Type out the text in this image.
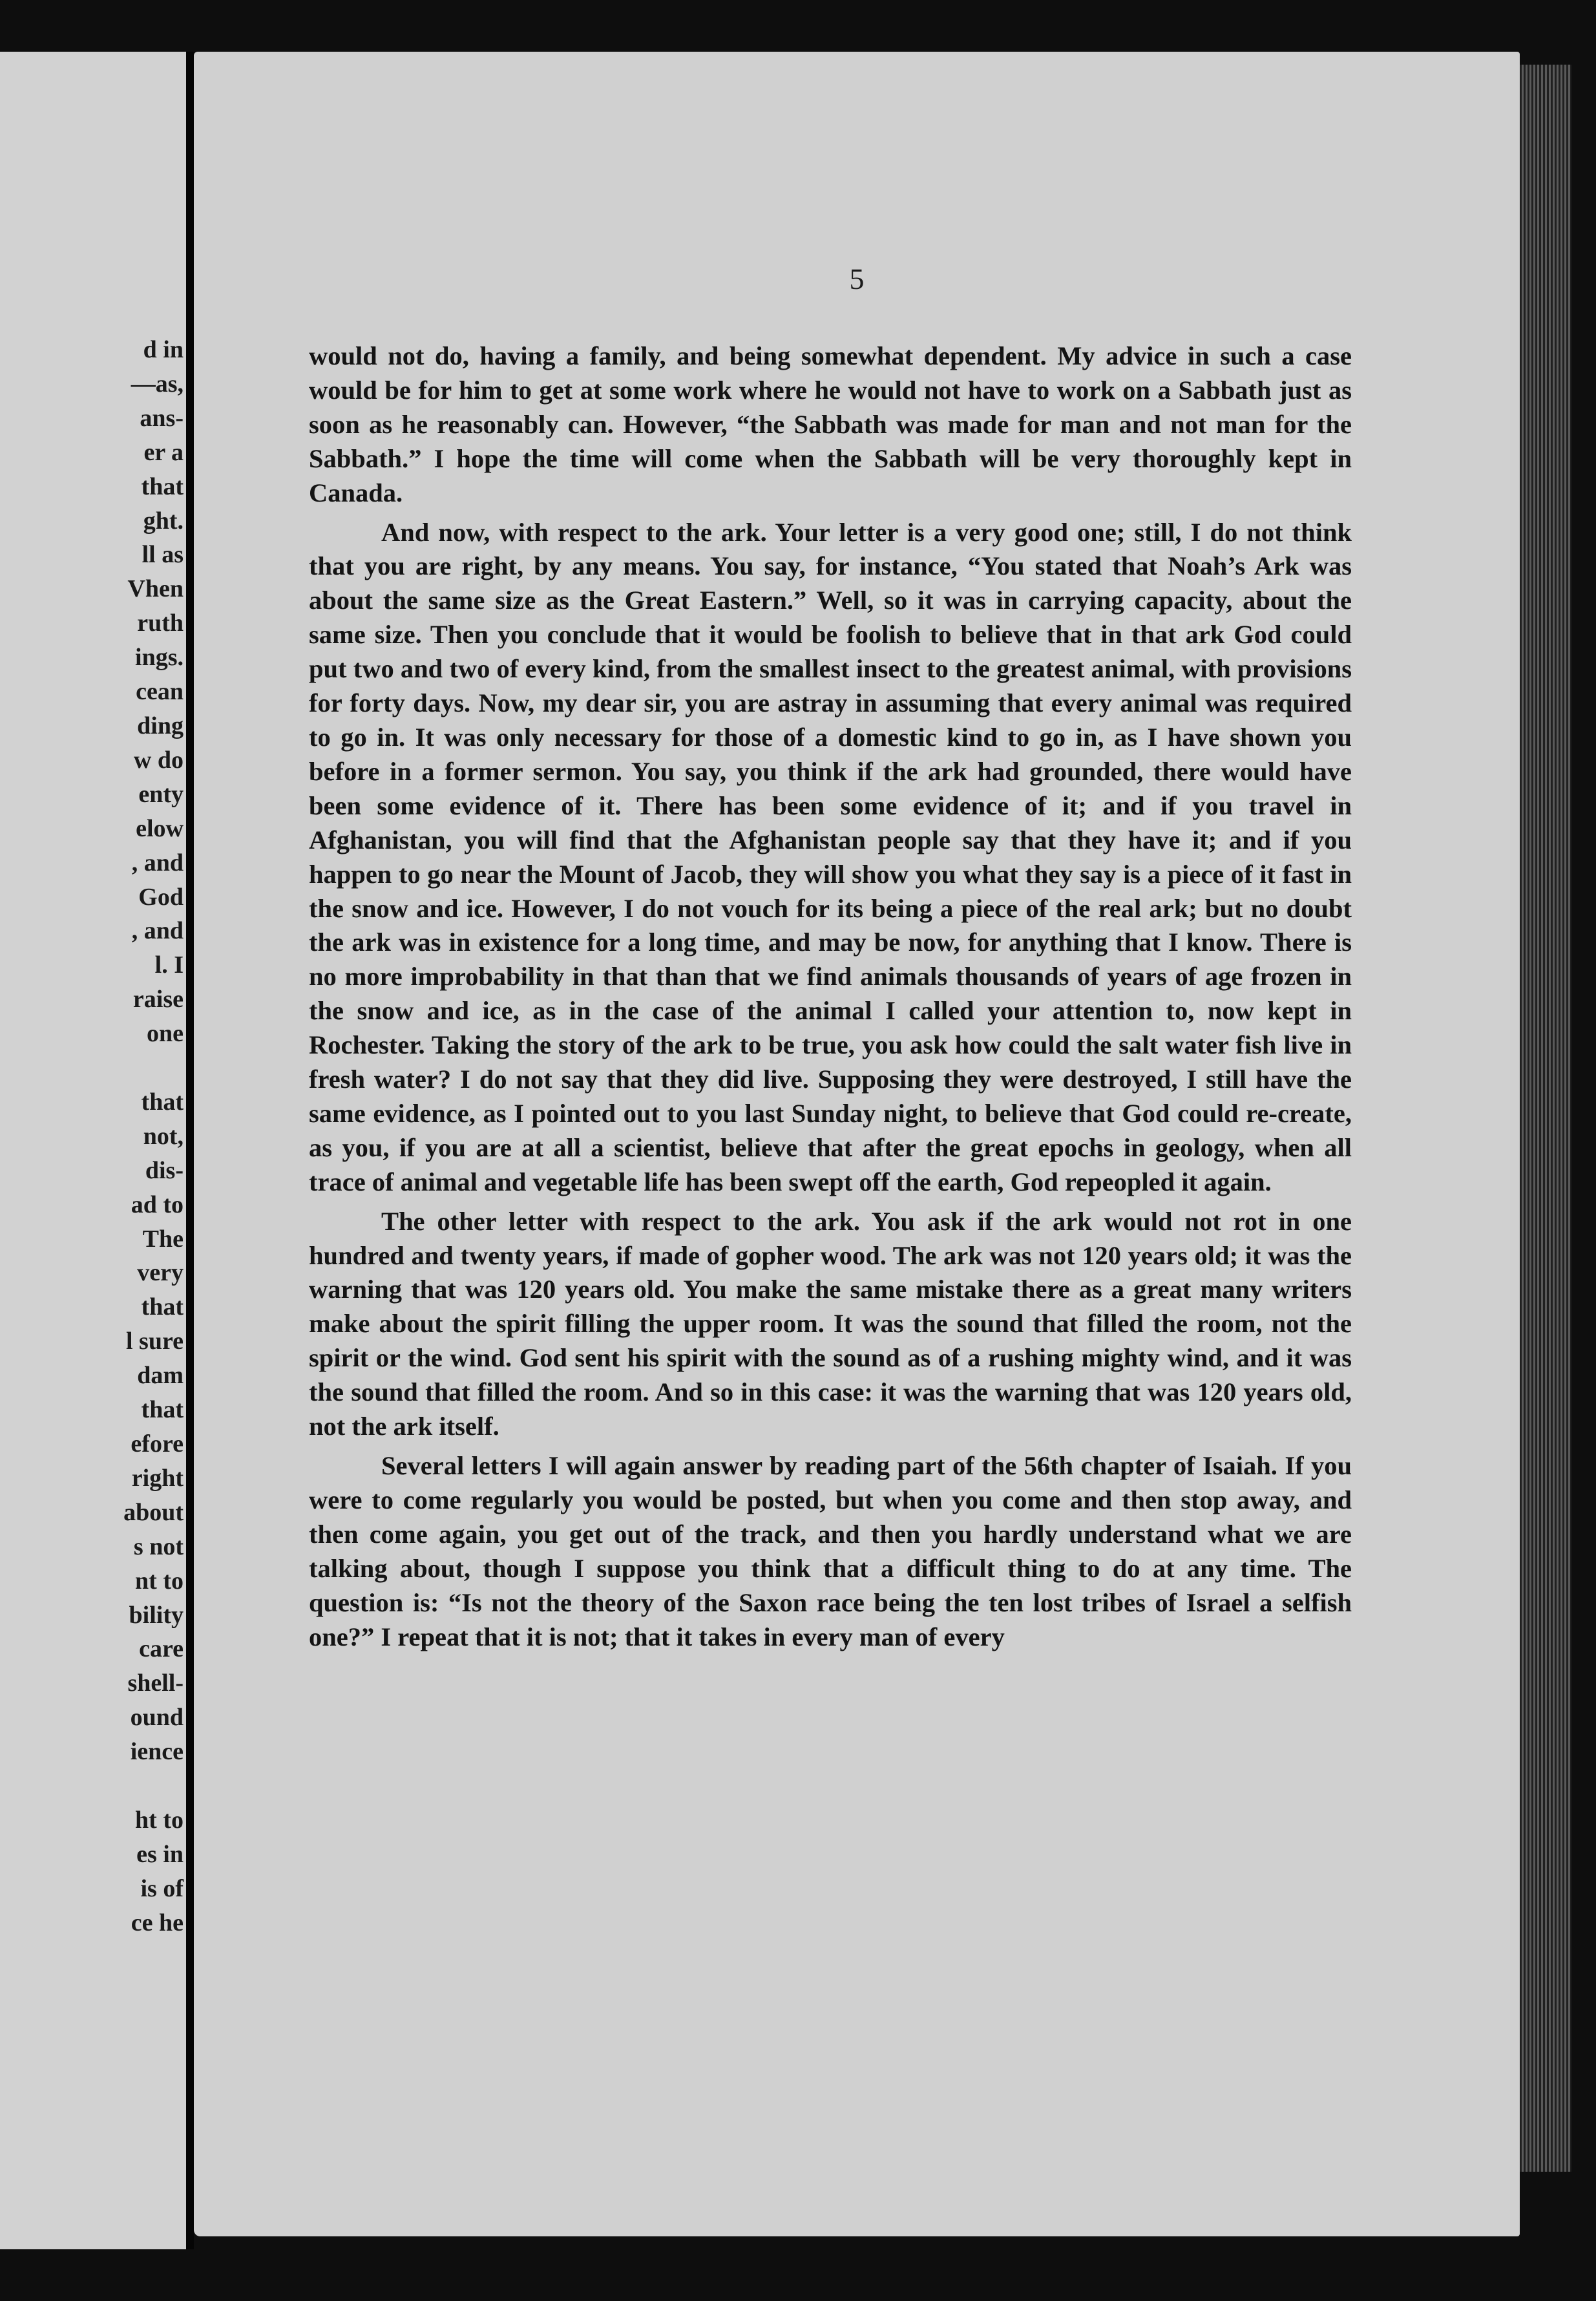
d in
—as,
ans-
er a
that
ght.
ll as
Vhen
ruth
ings.
cean
ding
w do
enty
elow
, and
God
, and
l. I
raise
one
that
not,
dis-
ad to
The
very
that
l sure
dam
that
efore
right
about
s not
nt to
bility
care
shell-
ound
ience
ht to
es in
is of
ce he
5

would not do, having a family, and being somewhat dependent. My advice in such a case would be for him to get at some work where he would not have to work on a Sabbath just as soon as he reasonably can. However, “the Sabbath was made for man and not man for the Sabbath.” I hope the time will come when the Sabbath will be very thoroughly kept in Canada.

And now, with respect to the ark. Your letter is a very good one; still, I do not think that you are right, by any means. You say, for instance, “You stated that Noah’s Ark was about the same size as the Great Eastern.” Well, so it was in carrying capacity, about the same size. Then you conclude that it would be foolish to believe that in that ark God could put two and two of every kind, from the smallest insect to the greatest animal, with provisions for forty days. Now, my dear sir, you are astray in assuming that every animal was required to go in. It was only necessary for those of a domestic kind to go in, as I have shown you before in a former sermon. You say, you think if the ark had grounded, there would have been some evidence of it. There has been some evidence of it; and if you travel in Afghanistan, you will find that the Afghanistan people say that they have it; and if you happen to go near the Mount of Jacob, they will show you what they say is a piece of it fast in the snow and ice. However, I do not vouch for its being a piece of the real ark; but no doubt the ark was in existence for a long time, and may be now, for anything that I know. There is no more improbability in that than that we find animals thousands of years of age frozen in the snow and ice, as in the case of the animal I called your attention to, now kept in Rochester. Taking the story of the ark to be true, you ask how could the salt water fish live in fresh water? I do not say that they did live. Supposing they were destroyed, I still have the same evidence, as I pointed out to you last Sunday night, to believe that God could re-create, as you, if you are at all a scientist, believe that after the great epochs in geology, when all trace of animal and vegetable life has been swept off the earth, God repeopled it again.

The other letter with respect to the ark. You ask if the ark would not rot in one hundred and twenty years, if made of gopher wood. The ark was not 120 years old; it was the warning that was 120 years old. You make the same mistake there as a great many writers make about the spirit filling the upper room. It was the sound that filled the room, not the spirit or the wind. God sent his spirit with the sound as of a rushing mighty wind, and it was the sound that filled the room. And so in this case: it was the warning that was 120 years old, not the ark itself.

Several letters I will again answer by reading part of the 56th chapter of Isaiah. If you were to come regularly you would be posted, but when you come and then stop away, and then come again, you get out of the track, and then you hardly understand what we are talking about, though I suppose you think that a difficult thing to do at any time. The question is: “Is not the theory of the Saxon race being the ten lost tribes of Israel a selfish one?” I repeat that it is not; that it takes in every man of every
